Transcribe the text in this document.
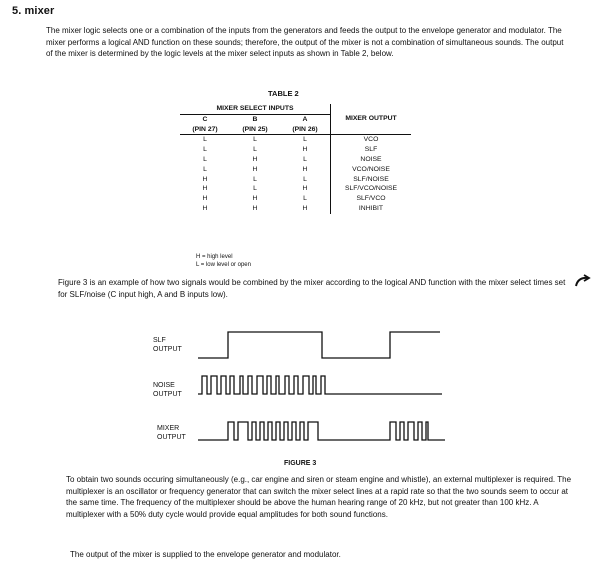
5. mixer

The mixer logic selects one or a combination of the inputs from the generators and feeds the output to the envelope generator and modulator. The mixer performs a logical AND function on these sounds; therefore, the output of the mixer is not a combination of simultaneous sounds. The output of the mixer is determined by the logic levels at the mixer select inputs as shown in Table 2, below.

TABLE 2
MIXER SELECT INPUTS			MIXER OUTPUT
C	B	A	
(PIN 27)	(PIN 25)	(PIN 26)	
L	L	L	VCO
L	L	H	SLF
L	H	L	NOISE
L	H	H	VCO/NOISE
H	L	L	SLF/NOISE
H	L	H	SLF/VCO/NOISE
H	H	L	SLF/VCO
H	H	H	INHIBIT
H = high level
L = low level or open

Figure 3 is an example of how two signals would be combined by the mixer according to the logical AND function with the mixer select times set for SLF/noise (C input high, A and B inputs low).

SLF
OUTPUT
NOISE
OUTPUT
MIXER
OUTPUT
FIGURE 3

To obtain two sounds occuring simultaneously (e.g., car engine and siren or steam engine and whistle), an external multiplexer is required. The multiplexer is an oscillator or frequency generator that can switch the mixer select lines at a rapid rate so that the two sounds seem to occur at the same time. The frequency of the multiplexer should be above the human hearing range of 20 kHz, but not greater than 100 kHz. A multiplexer with a 50% duty cycle would provide equal amplitudes for both sound functions.

The output of the mixer is supplied to the envelope generator and modulator.
